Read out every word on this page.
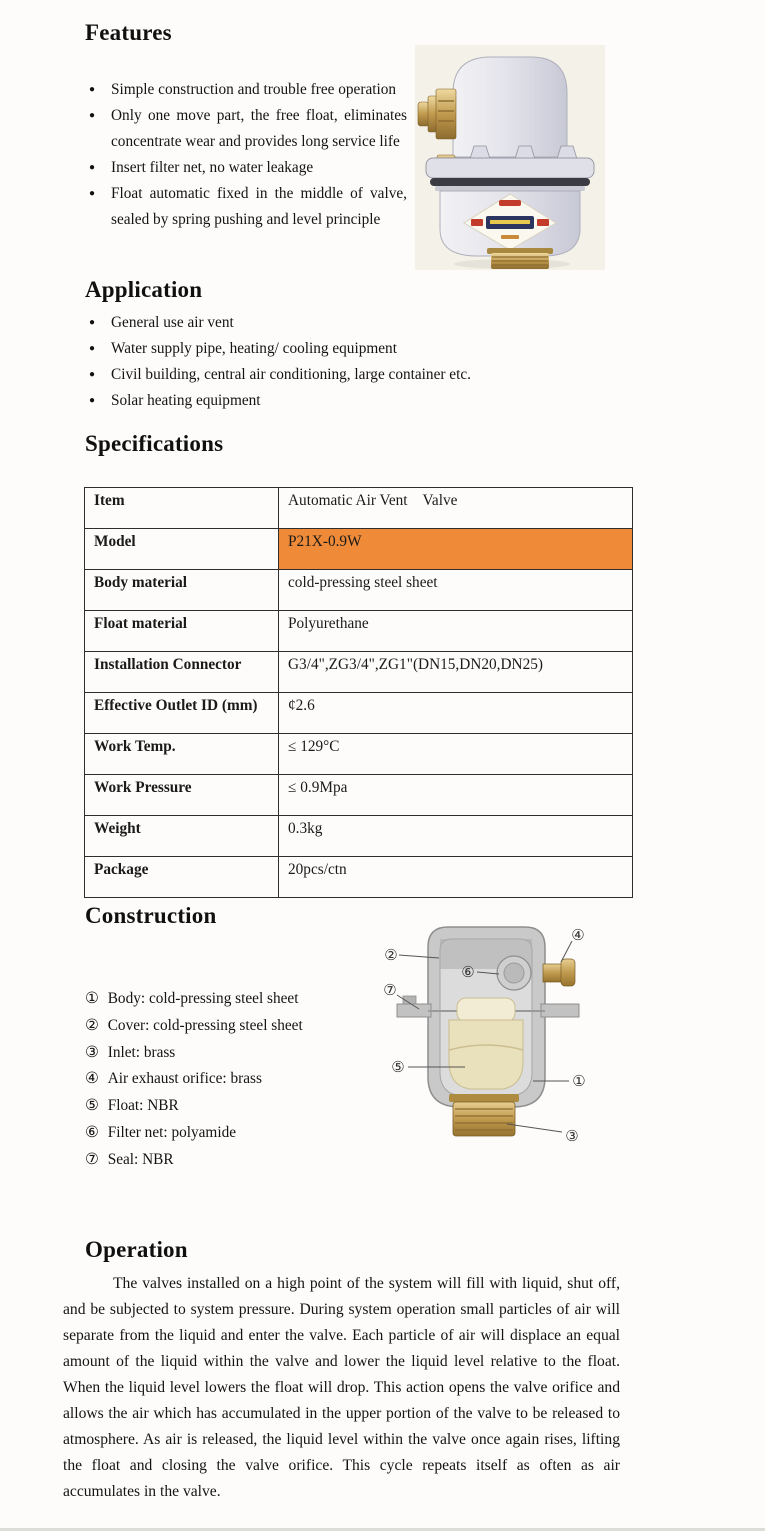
Features
● Simple construction and trouble free operation
● Only one move part, the free float, eliminates concentrate wear and provides long service life
● Insert filter net, no water leakage
● Float automatic fixed in the middle of valve, sealed by spring pushing and level principle
Application
● General use air vent
● Water supply pipe, heating/ cooling equipment
● Civil building, central air conditioning, large container etc.
● Solar heating equipment
Specifications
Item	Automatic Air Vent    Valve
Model	P21X-0.9W
Body material	cold-pressing steel sheet
Float material	Polyurethane
Installation Connector	G3/4",ZG3/4",ZG1"(DN15,DN20,DN25)
Effective Outlet ID (mm)	¢2.6
Work Temp.	≤ 129°C
Work Pressure	≤ 0.9Mpa
Weight	0.3kg
Package	20pcs/ctn
Construction
① Body: cold-pressing steel sheet
② Cover: cold-pressing steel sheet
③ Inlet: brass
④ Air exhaust orifice: brass
⑤ Float: NBR
⑥ Filter net: polyamide
⑦ Seal: NBR
②
④
⑥
⑦
⑤
①
③
Operation

The valves installed on a high point of the system will fill with liquid, shut off, and be subjected to system pressure. During system operation small particles of air will separate from the liquid and enter the valve. Each particle of air will displace an equal amount of the liquid within the valve and lower the liquid level relative to the float. When the liquid level lowers the float will drop. This action opens the valve orifice and allows the air which has accumulated in the upper portion of the valve to be released to atmosphere. As air is released, the liquid level within the valve once again rises, lifting the float and closing the valve orifice. This cycle repeats itself as often as air accumulates in the valve.
